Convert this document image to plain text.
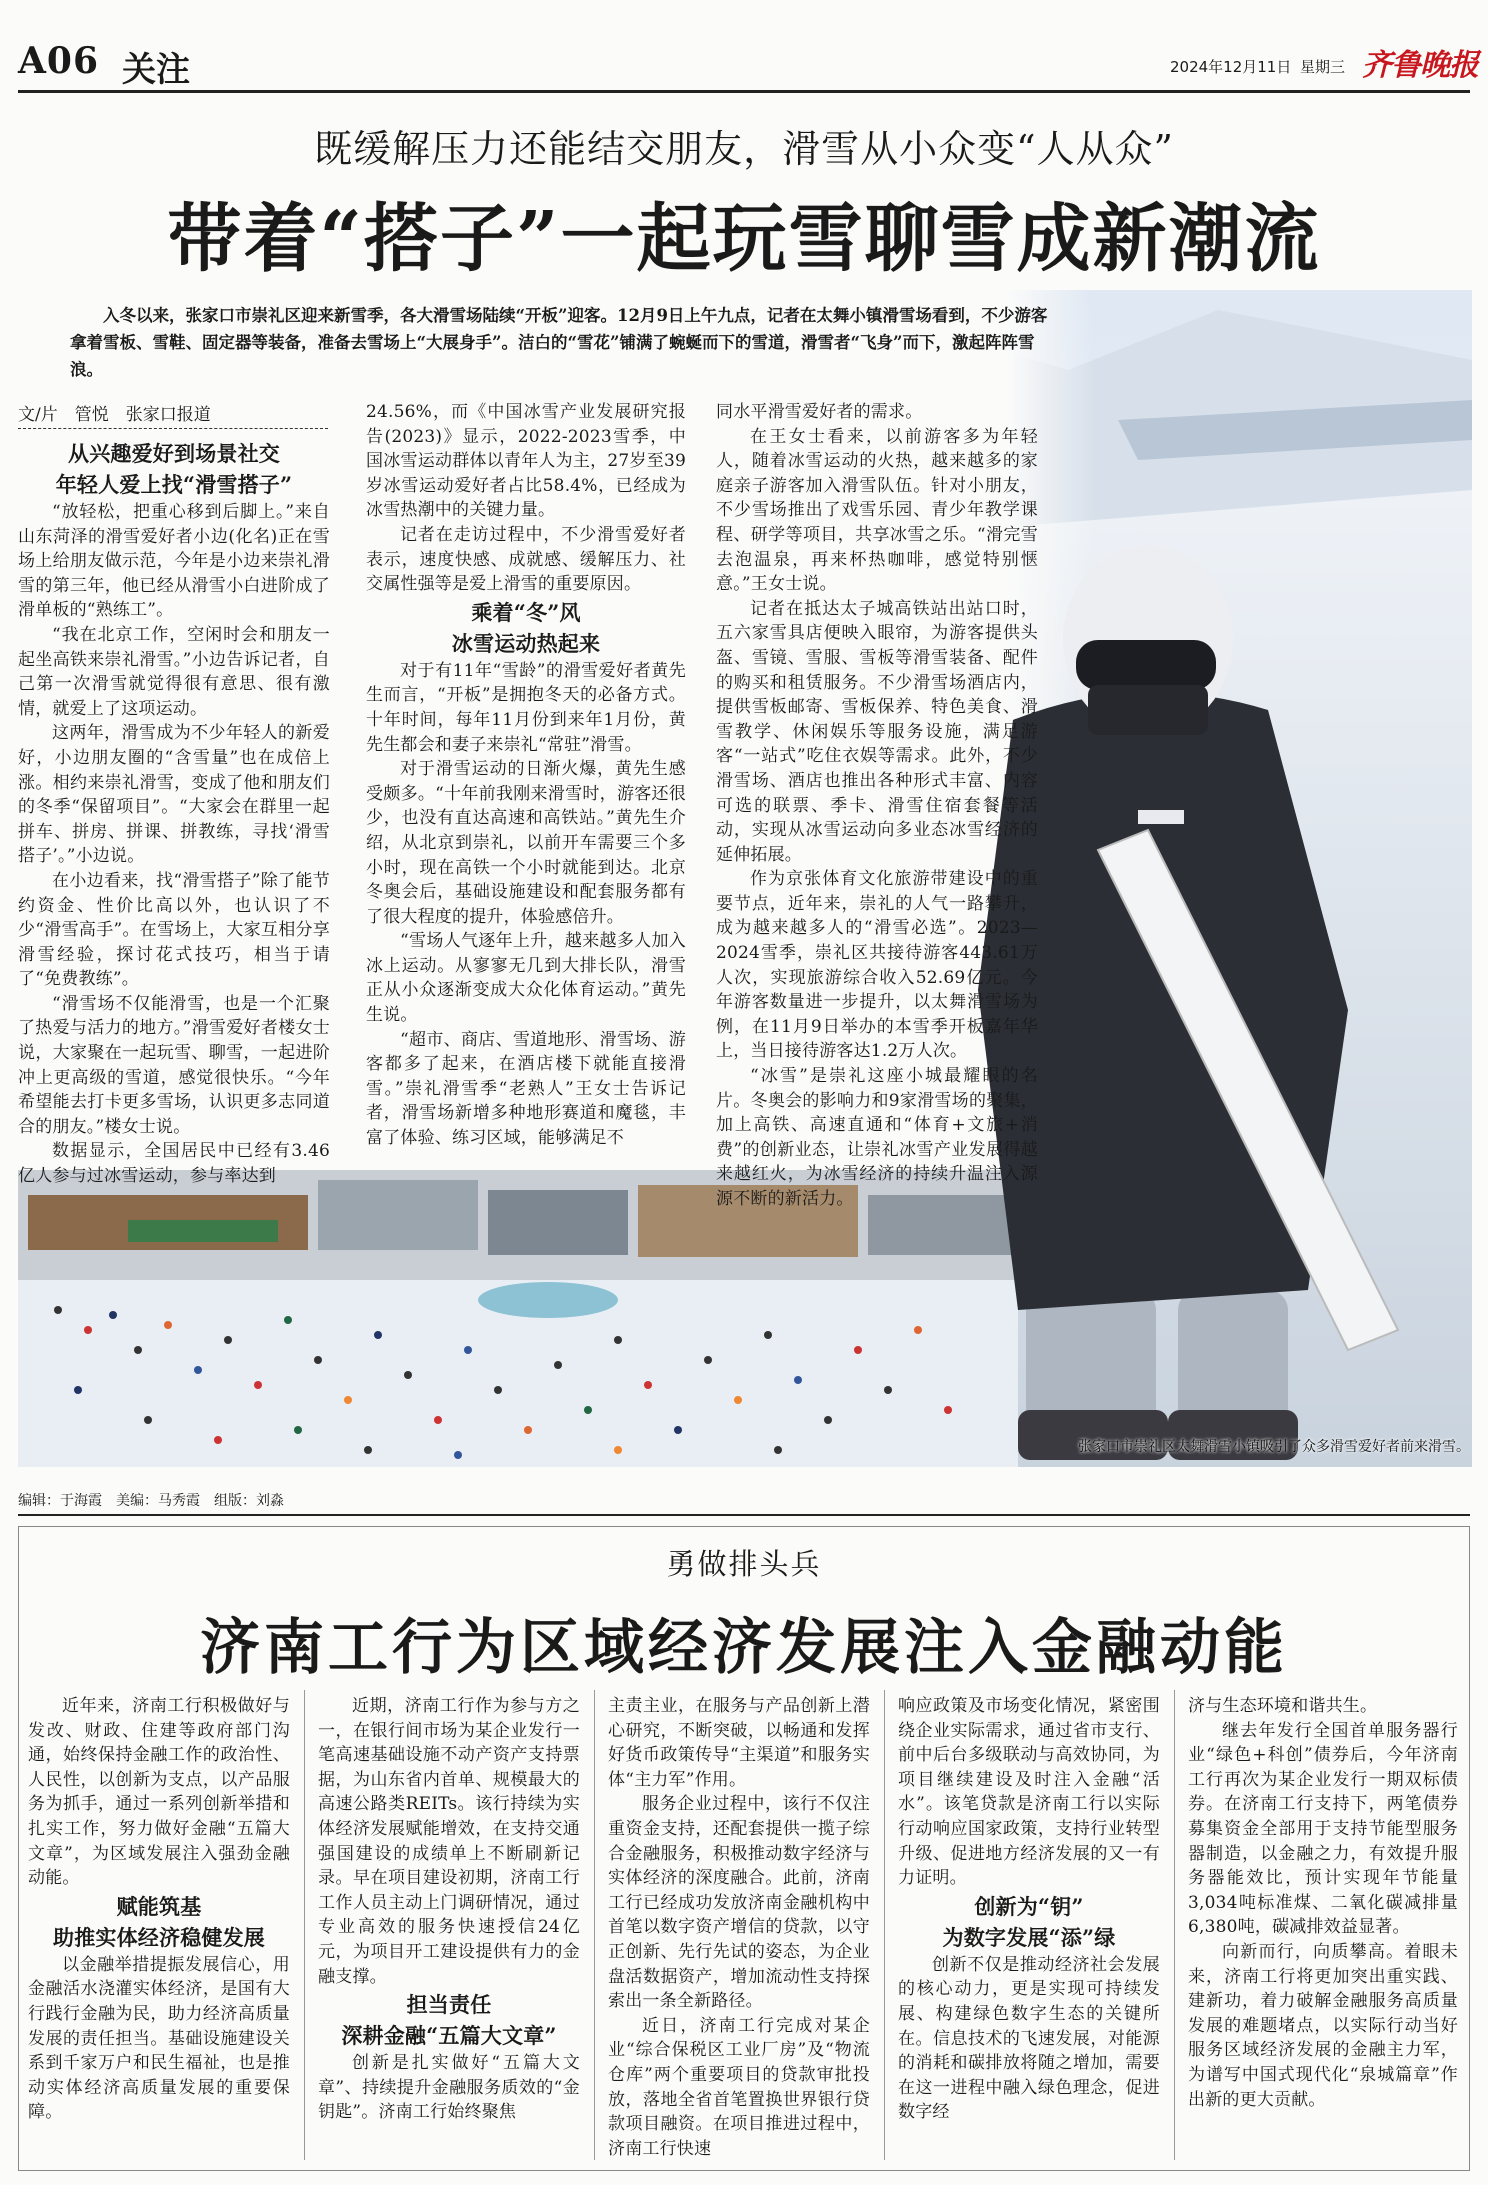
A06 关注	2024年12月11日 星期三 齐鲁晚报
既缓解压力还能结交朋友，滑雪从小众变“人从众”
带着“搭子”一起玩雪聊雪成新潮流
入冬以来，张家口市崇礼区迎来新雪季，各大滑雪场陆续“开板”迎客。12月9日上午九点，记者在太舞小镇滑雪场看到，不少游客拿着雪板、雪鞋、固定器等装备，准备去雪场上“大展身手”。洁白的“雪花”铺满了蜿蜒而下的雪道，滑雪者“飞身”而下，激起阵阵雪浪。
文/片　管悦　张家口报道

从兴趣爱好到场景社交

年轻人爱上找“滑雪搭子”

“放轻松，把重心移到后脚上。”来自山东菏泽的滑雪爱好者小边(化名)正在雪场上给朋友做示范，今年是小边来崇礼滑雪的第三年，他已经从滑雪小白进阶成了滑单板的“熟练工”。

“我在北京工作，空闲时会和朋友一起坐高铁来崇礼滑雪。”小边告诉记者，自己第一次滑雪就觉得很有意思、很有激情，就爱上了这项运动。

这两年，滑雪成为不少年轻人的新爱好，小边朋友圈的“含雪量”也在成倍上涨。相约来崇礼滑雪，变成了他和朋友们的冬季“保留项目”。“大家会在群里一起拼车、拼房、拼课、拼教练，寻找‘滑雪搭子’。”小边说。

在小边看来，找“滑雪搭子”除了能节约资金、性价比高以外，也认识了不少“滑雪高手”。在雪场上，大家互相分享滑雪经验，探讨花式技巧，相当于请了“免费教练”。

“滑雪场不仅能滑雪，也是一个汇聚了热爱与活力的地方。”滑雪爱好者楼女士说，大家聚在一起玩雪、聊雪，一起进阶冲上更高级的雪道，感觉很快乐。“今年希望能去打卡更多雪场，认识更多志同道合的朋友。”楼女士说。

数据显示，全国居民中已经有3.46亿人参与过冰雪运动，参与率达到

24.56%，而《中国冰雪产业发展研究报告(2023)》显示，2022-2023雪季，中国冰雪运动群体以青年人为主，27岁至39岁冰雪运动爱好者占比58.4%，已经成为冰雪热潮中的关键力量。

记者在走访过程中，不少滑雪爱好者表示，速度快感、成就感、缓解压力、社交属性强等是爱上滑雪的重要原因。

乘着“冬”风

冰雪运动热起来

对于有11年“雪龄”的滑雪爱好者黄先生而言，“开板”是拥抱冬天的必备方式。十年时间，每年11月份到来年1月份，黄先生都会和妻子来崇礼“常驻”滑雪。

对于滑雪运动的日渐火爆，黄先生感受颇多。“十年前我刚来滑雪时，游客还很少，也没有直达高速和高铁站。”黄先生介绍，从北京到崇礼，以前开车需要三个多小时，现在高铁一个小时就能到达。北京冬奥会后，基础设施建设和配套服务都有了很大程度的提升，体验感倍升。

“雪场人气逐年上升，越来越多人加入冰上运动。从寥寥无几到大排长队，滑雪正从小众逐渐变成大众化体育运动。”黄先生说。

“超市、商店、雪道地形、滑雪场、游客都多了起来，在酒店楼下就能直接滑雪。”崇礼滑雪季“老熟人”王女士告诉记者，滑雪场新增多种地形赛道和魔毯，丰富了体验、练习区域，能够满足不

同水平滑雪爱好者的需求。

在王女士看来，以前游客多为年轻人，随着冰雪运动的火热，越来越多的家庭亲子游客加入滑雪队伍。针对小朋友，不少雪场推出了戏雪乐园、青少年教学课程、研学等项目，共享冰雪之乐。“滑完雪去泡温泉，再来杯热咖啡，感觉特别惬意。”王女士说。

记者在抵达太子城高铁站出站口时，五六家雪具店便映入眼帘，为游客提供头盔、雪镜、雪服、雪板等滑雪装备、配件的购买和租赁服务。不少滑雪场酒店内，提供雪板邮寄、雪板保养、特色美食、滑雪教学、休闲娱乐等服务设施，满足游客“一站式”吃住衣娱等需求。此外，不少滑雪场、酒店也推出各种形式丰富、内容可选的联票、季卡、滑雪住宿套餐等活动，实现从冰雪运动向多业态冰雪经济的延伸拓展。

作为京张体育文化旅游带建设中的重要节点，近年来，崇礼的人气一路攀升，成为越来越多人的“滑雪必选”。2023—2024雪季，崇礼区共接待游客443.61万人次，实现旅游综合收入52.69亿元。今年游客数量进一步提升，以太舞滑雪场为例，在11月9日举办的本雪季开板嘉年华上，当日接待游客达1.2万人次。

“冰雪”是崇礼这座小城最耀眼的名片。冬奥会的影响力和9家滑雪场的聚集，加上高铁、高速直通和“体育+文旅+消费”的创新业态，让崇礼冰雪产业发展得越来越红火，为冰雪经济的持续升温注入源源不断的新活力。

张家口市崇礼区太舞滑雪小镇吸引了众多滑雪爱好者前来滑雪。
编辑：于海霞　美编：马秀霞　组版：刘淼
勇做排头兵
济南工行为区域经济发展注入金融动能

近年来，济南工行积极做好与发改、财政、住建等政府部门沟通，始终保持金融工作的政治性、人民性，以创新为支点，以产品服务为抓手，通过一系列创新举措和扎实工作，努力做好金融“五篇大文章”，为区域发展注入强劲金融动能。

赋能筑基

助推实体经济稳健发展

以金融举措提振发展信心，用金融活水浇灌实体经济，是国有大行践行金融为民，助力经济高质量发展的责任担当。基础设施建设关系到千家万户和民生福祉，也是推动实体经济高质量发展的重要保障。

近期，济南工行作为参与方之一，在银行间市场为某企业发行一笔高速基础设施不动产资产支持票据，为山东省内首单、规模最大的高速公路类REITs。该行持续为实体经济发展赋能增效，在支持交通强国建设的成绩单上不断刷新记录。早在项目建设初期，济南工行工作人员主动上门调研情况，通过专业高效的服务快速授信24亿元，为项目开工建设提供有力的金融支撑。

担当责任

深耕金融“五篇大文章”

创新是扎实做好“五篇大文章”、持续提升金融服务质效的“金钥匙”。济南工行始终聚焦

主责主业，在服务与产品创新上潜心研究，不断突破，以畅通和发挥好货币政策传导“主渠道”和服务实体“主力军”作用。

服务企业过程中，该行不仅注重资金支持，还配套提供一揽子综合金融服务，积极推动数字经济与实体经济的深度融合。此前，济南工行已经成功发放济南金融机构中首笔以数字资产增信的贷款，以守正创新、先行先试的姿态，为企业盘活数据资产，增加流动性支持探索出一条全新路径。

近日，济南工行完成对某企业“综合保税区工业厂房”及“物流仓库”两个重要项目的贷款审批投放，落地全省首笔置换世界银行贷款项目融资。在项目推进过程中，济南工行快速

响应政策及市场变化情况，紧密围绕企业实际需求，通过省市支行、前中后台多级联动与高效协同，为项目继续建设及时注入金融“活水”。该笔贷款是济南工行以实际行动响应国家政策，支持行业转型升级、促进地方经济发展的又一有力证明。

创新为“钥”

为数字发展“添”绿

创新不仅是推动经济社会发展的核心动力，更是实现可持续发展、构建绿色数字生态的关键所在。信息技术的飞速发展，对能源的消耗和碳排放将随之增加，需要在这一进程中融入绿色理念，促进数字经

济与生态环境和谐共生。

继去年发行全国首单服务器行业“绿色+科创”债券后，今年济南工行再次为某企业发行一期双标债券。在济南工行支持下，两笔债券募集资金全部用于支持节能型服务器制造，以金融之力，有效提升服务器能效比，预计实现年节能量3,034吨标准煤、二氧化碳减排量6,380吨，碳减排效益显著。

向新而行，向质攀高。着眼未来，济南工行将更加突出重实践、建新功，着力破解金融服务高质量发展的难题堵点，以实际行动当好服务区域经济发展的金融主力军，为谱写中国式现代化“泉城篇章”作出新的更大贡献。
